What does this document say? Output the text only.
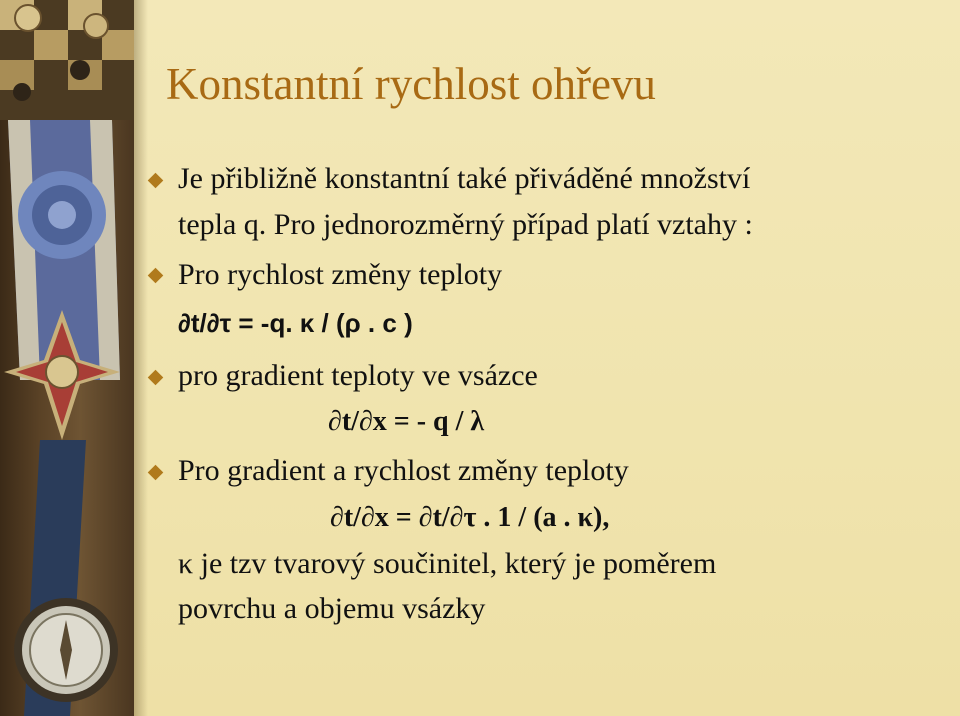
Konstantní rychlost ohřevu
Je přibližně konstantní také přiváděné množství
tepla q. Pro jednorozměrný případ platí vztahy :
Pro rychlost změny teploty
∂t/∂τ = -q. κ / (ρ . c )
pro gradient teploty ve vsázce
∂t/∂x = - q / λ
Pro gradient a rychlost změny teploty
∂t/∂x = ∂t/∂τ . 1 / (a . κ),
κ je tzv tvarový součinitel, který je poměrem
povrchu a objemu vsázky
